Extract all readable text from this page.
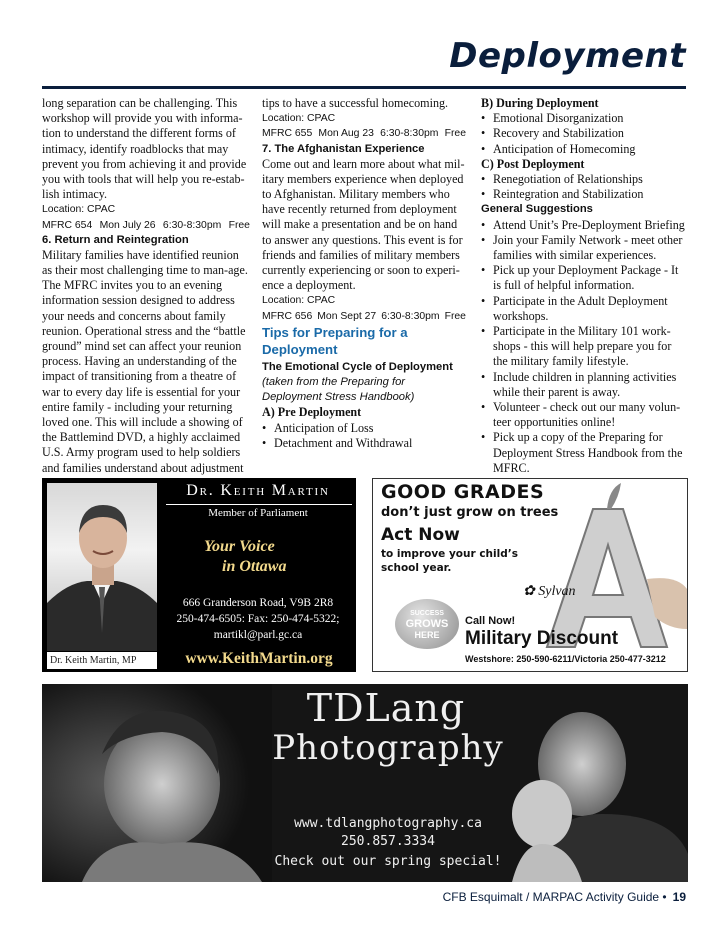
Deployment

long separation can be challenging. This workshop will provide you with informa-tion to understand the different forms of intimacy, identify roadblocks that may prevent you from achieving it and provide you with tools that will help you re-estab-lish intimacy.

Location: CPAC

MFRC 654 Mon July 26 6:30-8:30pm Free

6. Return and Reintegration

Military families have identified reunion as their most challenging time to man-age. The MFRC invites you to an evening information session designed to address your needs and concerns about family reunion. Operational stress and the “battle ground” mind set can affect your reunion process. Having an understanding of the impact of transitioning from a theatre of war to every day life is essential for your entire family - including your returning loved one. This will include a showing of the Battlemind DVD, a highly acclaimed U.S. Army program used to help soldiers and families understand about adjustment

tips to have a successful homecoming.

Location: CPAC

MFRC 655 Mon Aug 23 6:30-8:30pm Free

7. The Afghanistan Experience

Come out and learn more about what mil-itary members experience when deployed to Afghanistan. Military members who have recently returned from deployment will make a presentation and be on hand to answer any questions. This event is for friends and families of military members currently experiencing or soon to experi-ence a deployment.

Location: CPAC

MFRC 656 Mon Sept 27 6:30-8:30pm Free

Tips for Preparing for a Deployment

The Emotional Cycle of Deployment

(taken from the Preparing for Deployment Stress Handbook)

A) Pre Deployment

• Anticipation of Loss
• Detachment and Withdrawal

B) During Deployment

• Emotional Disorganization
• Recovery and Stabilization
• Anticipation of Homecoming

C) Post Deployment

• Renegotiation of Relationships
• Reintegration and Stabilization

General Suggestions

• Attend Unit’s Pre-Deployment Briefing
• Join your Family Network - meet other families with similar experiences.
• Pick up your Deployment Package - It is full of helpful information.
• Participate in the Adult Deployment workshops.
• Participate in the Military 101 work-shops - this will help prepare you for the military family lifestyle.
• Include children in planning activities while their parent is away.
• Volunteer - check out our many volun-teer opportunities online!
• Pick up a copy of the Preparing for Deployment Stress Handbook from the MFRC.
Dr. Keith Martin, MP
Dr. Keith Martin
Member of Parliament
Your Voice
in Ottawa
666 Granderson Road, V9B 2R8
250-474-6505: Fax: 250-474-5322;
martikl@parl.gc.ca
www.KeithMartin.org
GOOD GRADES
don’t just grow on trees
Act Now
to improve your child’s school year.
✿ Sylvan
SUCCESS
GROWS
HERE
Call Now!
Military Discount
Westshore: 250-590-6211/Victoria 250-477-3212
TDLang
Photography
www.tdlangphotography.ca
250.857.3334
Check out our spring special!
CFB Esquimalt / MARPAC Activity Guide • 19
